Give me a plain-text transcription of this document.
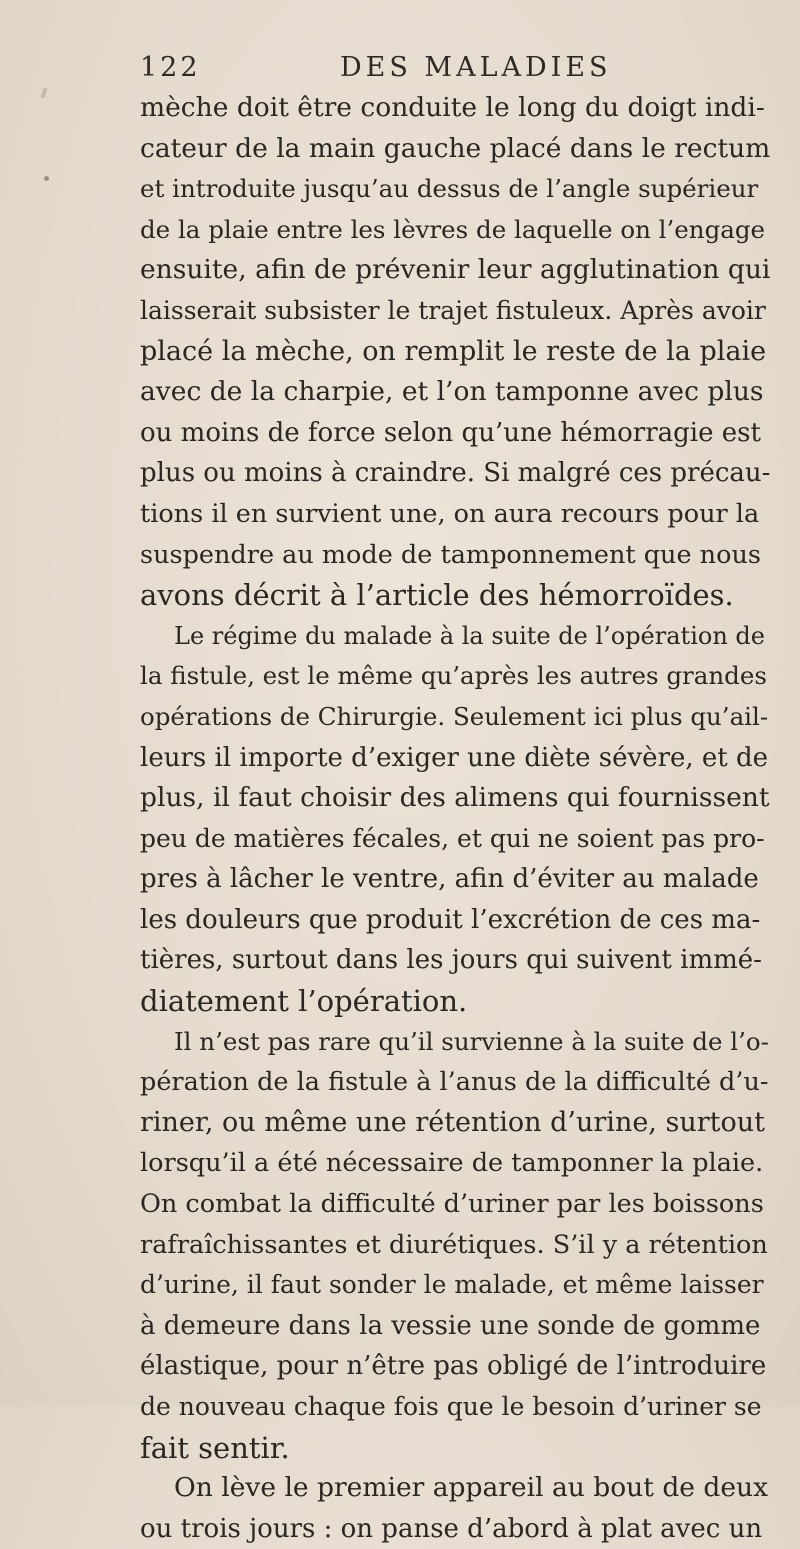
122	DES MALADIES
mèche doit être conduite le long du doigt indi-
cateur de la main gauche placé dans le rectum
et introduite jusqu’au dessus de l’angle supérieur
de la plaie entre les lèvres de laquelle on l’engage
ensuite, afin de prévenir leur agglutination qui
laisserait subsister le trajet fistuleux. Après avoir
placé la mèche, on remplit le reste de la plaie
avec de la charpie, et l’on tamponne avec plus
ou moins de force selon qu’une hémorragie est
plus ou moins à craindre. Si malgré ces précau-
tions il en survient une, on aura recours pour la
suspendre au mode de tamponnement que nous
avons décrit à l’article des hémorroïdes.
Le régime du malade à la suite de l’opération de
la fistule, est le même qu’après les autres grandes
opérations de Chirurgie. Seulement ici plus qu’ail-
leurs il importe d’exiger une diète sévère, et de
plus, il faut choisir des alimens qui fournissent
peu de matières fécales, et qui ne soient pas pro-
pres à lâcher le ventre, afin d’éviter au malade
les douleurs que produit l’excrétion de ces ma-
tières, surtout dans les jours qui suivent immé-
diatement l’opération.
Il n’est pas rare qu’il survienne à la suite de l’o-
pération de la fistule à l’anus de la difficulté d’u-
riner, ou même une rétention d’urine, surtout
lorsqu’il a été nécessaire de tamponner la plaie.
On combat la difficulté d’uriner par les boissons
rafraîchissantes et diurétiques. S’il y a rétention
d’urine, il faut sonder le malade, et même laisser
à demeure dans la vessie une sonde de gomme
élastique, pour n’être pas obligé de l’introduire
de nouveau chaque fois que le besoin d’uriner se
fait sentir.
On lève le premier appareil au bout de deux
ou trois jours : on panse d’abord à plat avec un
